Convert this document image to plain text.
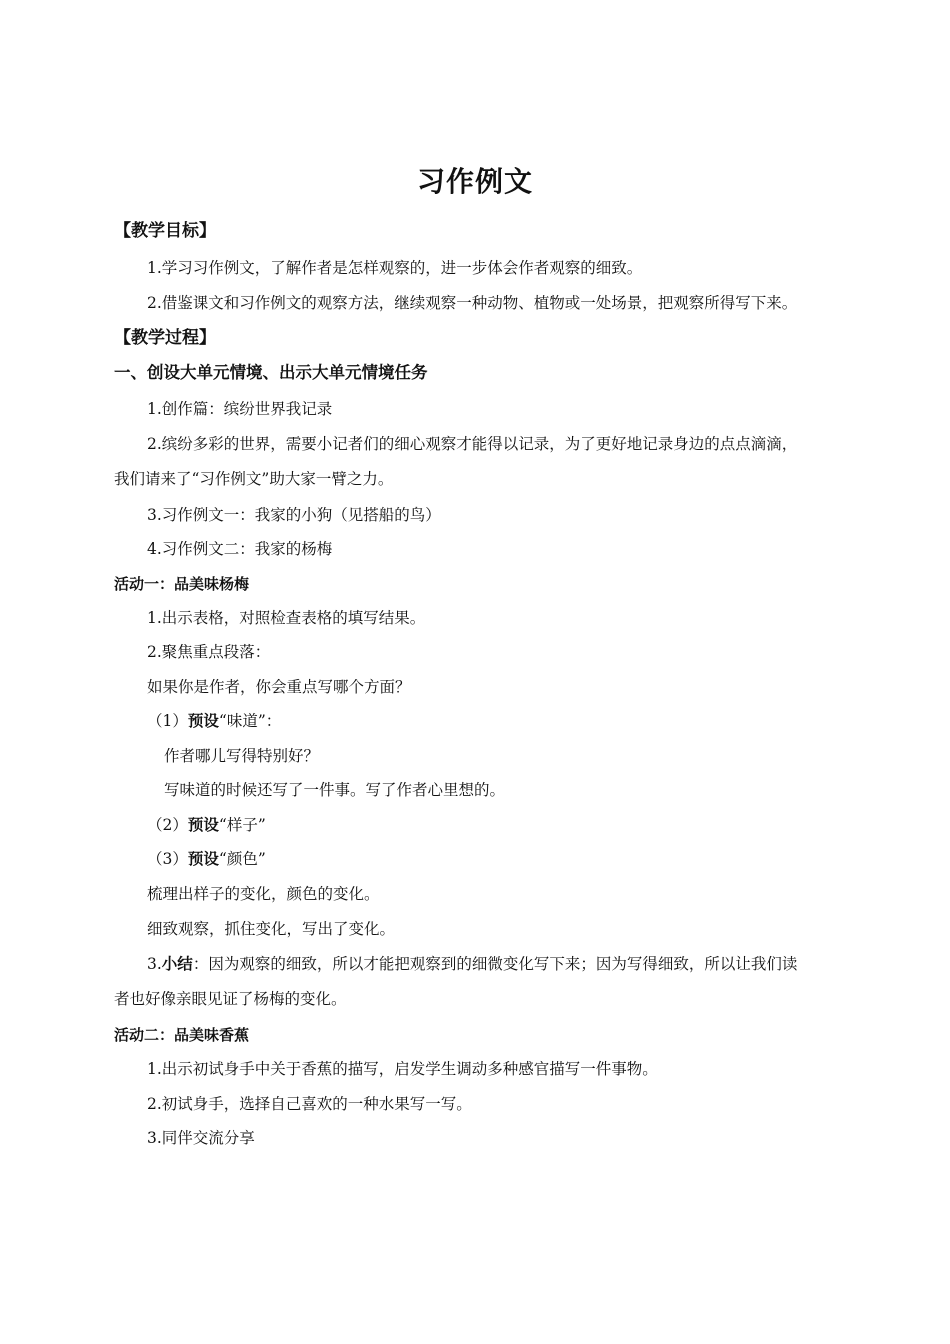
习作例文
【教学目标】
1.学习习作例文，了解作者是怎样观察的，进一步体会作者观察的细致。
2.借鉴课文和习作例文的观察方法，继续观察一种动物、植物或一处场景，把观察所得写下来。
【教学过程】
一、创设大单元情境、出示大单元情境任务
1.创作篇：缤纷世界我记录
2.缤纷多彩的世界，需要小记者们的细心观察才能得以记录，为了更好地记录身边的点点滴滴，
我们请来了“习作例文”助大家一臂之力。
3.习作例文一：我家的小狗（见搭船的鸟）
4.习作例文二：我家的杨梅
活动一：品美味杨梅
1.出示表格，对照检查表格的填写结果。
2.聚焦重点段落：
如果你是作者，你会重点写哪个方面？
（1）预设“味道”：
作者哪儿写得特别好？
写味道的时候还写了一件事。写了作者心里想的。
（2）预设“样子”
（3）预设“颜色”
梳理出样子的变化，颜色的变化。
细致观察，抓住变化，写出了变化。
3.小结：因为观察的细致，所以才能把观察到的细微变化写下来；因为写得细致，所以让我们读
者也好像亲眼见证了杨梅的变化。
活动二：品美味香蕉
1.出示初试身手中关于香蕉的描写，启发学生调动多种感官描写一件事物。
2.初试身手，选择自己喜欢的一种水果写一写。
3.同伴交流分享
